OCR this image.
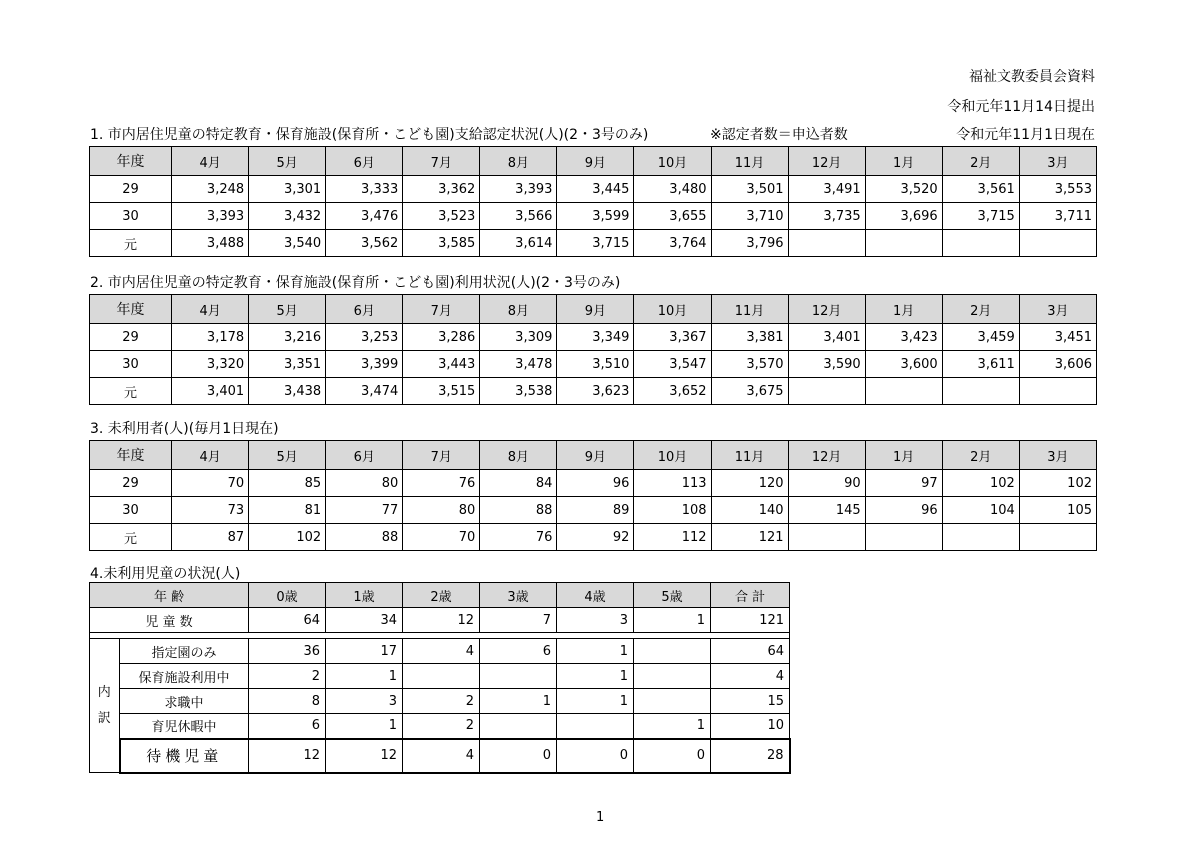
福祉文教委員会資料
令和元年11月14日提出
令和元年11月1日現在
1. 市内居住児童の特定教育・保育施設(保育所・こども園)支給認定状況(人)(2・3号のみ)	※認定者数＝申込者数
年度	4月	5月	6月	7月	8月	9月	10月	11月	12月	1月	2月	3月
29	3,248	3,301	3,333	3,362	3,393	3,445	3,480	3,501	3,491	3,520	3,561	3,553
30	3,393	3,432	3,476	3,523	3,566	3,599	3,655	3,710	3,735	3,696	3,715	3,711
元	3,488	3,540	3,562	3,585	3,614	3,715	3,764	3,796				
2. 市内居住児童の特定教育・保育施設(保育所・こども園)利用状況(人)(2・3号のみ)
年度	4月	5月	6月	7月	8月	9月	10月	11月	12月	1月	2月	3月
29	3,178	3,216	3,253	3,286	3,309	3,349	3,367	3,381	3,401	3,423	3,459	3,451
30	3,320	3,351	3,399	3,443	3,478	3,510	3,547	3,570	3,590	3,600	3,611	3,606
元	3,401	3,438	3,474	3,515	3,538	3,623	3,652	3,675				
3. 未利用者(人)(毎月1日現在)
年度	4月	5月	6月	7月	8月	9月	10月	11月	12月	1月	2月	3月
29	70	85	80	76	84	96	113	120	90	97	102	102
30	73	81	77	80	88	89	108	140	145	96	104	105
元	87	102	88	70	76	92	112	121				
4.未利用児童の状況(人)
年 齢		0歳	1歳	2歳	3歳	4歳	5歳	合 計
児 童 数		64	34	12	7	3	1	121

内
訳	指定園のみ	36	17	4	6	1		64
	保育施設利用中	2	1			1		4
	求職中	8	3	2	1	1		15
	育児休暇中	6	1	2			1	10
	待機児童	12	12	4	0	0	0	28
1
